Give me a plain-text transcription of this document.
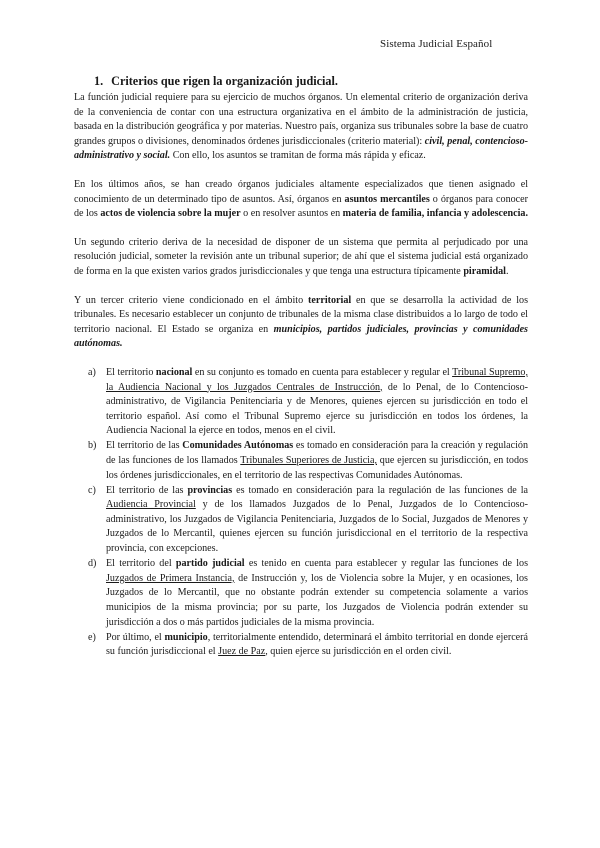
Sistema Judicial Español
1. Criterios que rigen la organización judicial.

La función judicial requiere para su ejercicio de muchos órganos. Un elemental criterio de organización deriva de la conveniencia de contar con una estructura organizativa en el ámbito de la administración de justicia, basada en la distribución geográfica y por materias. Nuestro país, organiza sus tribunales sobre la base de cuatro grandes grupos o divisiones, denominados órdenes jurisdiccionales (criterio material): civil, penal, contencioso-administrativo y social. Con ello, los asuntos se tramitan de forma más rápida y eficaz.

En los últimos años, se han creado órganos judiciales altamente especializados que tienen asignado el conocimiento de un determinado tipo de asuntos. Así, órganos en asuntos mercantiles o órganos para conocer de los actos de violencia sobre la mujer o en resolver asuntos en materia de familia, infancia y adolescencia.

Un segundo criterio deriva de la necesidad de disponer de un sistema que permita al perjudicado por una resolución judicial, someter la revisión ante un tribunal superior; de ahí que el sistema judicial está organizado de forma en la que existen varios grados jurisdiccionales y que tenga una estructura típicamente piramidal.

Y un tercer criterio viene condicionado en el ámbito territorial en que se desarrolla la actividad de los tribunales. Es necesario establecer un conjunto de tribunales de la misma clase distribuidos a lo largo de todo el territorio nacional. El Estado se organiza en municipios, partidos judiciales, provincias y comunidades autónomas.

a) El territorio nacional en su conjunto es tomado en cuenta para establecer y regular el Tribunal Supremo, la Audiencia Nacional y los Juzgados Centrales de Instrucción, de lo Penal, de lo Contencioso-administrativo, de Vigilancia Penitenciaria y de Menores, quienes ejercen su jurisdicción en todo el territorio español. Así como el Tribunal Supremo ejerce su jurisdicción en todos los órdenes, la Audiencia Nacional la ejerce en todos, menos en el civil.
b) El territorio de las Comunidades Autónomas es tomado en consideración para la creación y regulación de las funciones de los llamados Tribunales Superiores de Justicia, que ejercen su jurisdicción, en todos los órdenes jurisdiccionales, en el territorio de las respectivas Comunidades Autónomas.
c) El territorio de las provincias es tomado en consideración para la regulación de las funciones de la Audiencia Provincial y de los llamados Juzgados de lo Penal, Juzgados de lo Contencioso-administrativo, los Juzgados de Vigilancia Penitenciaria, Juzgados de lo Social, Juzgados de Menores y Juzgados de lo Mercantil, quienes ejercen su función jurisdiccional en el territorio de la respectiva provincia, con excepciones.
d) El territorio del partido judicial es tenido en cuenta para establecer y regular las funciones de los Juzgados de Primera Instancia, de Instrucción y, los de Violencia sobre la Mujer, y en ocasiones, los Juzgados de lo Mercantil, que no obstante podrán extender su competencia solamente a varios municipios de la misma provincia; por su parte, los Juzgados de Violencia podrán extender su jurisdicción a dos o más partidos judiciales de la misma provincia.
e) Por último, el municipio, territorialmente entendido, determinará el ámbito territorial en donde ejercerá su función jurisdiccional el Juez de Paz, quien ejerce su jurisdicción en el orden civil.
